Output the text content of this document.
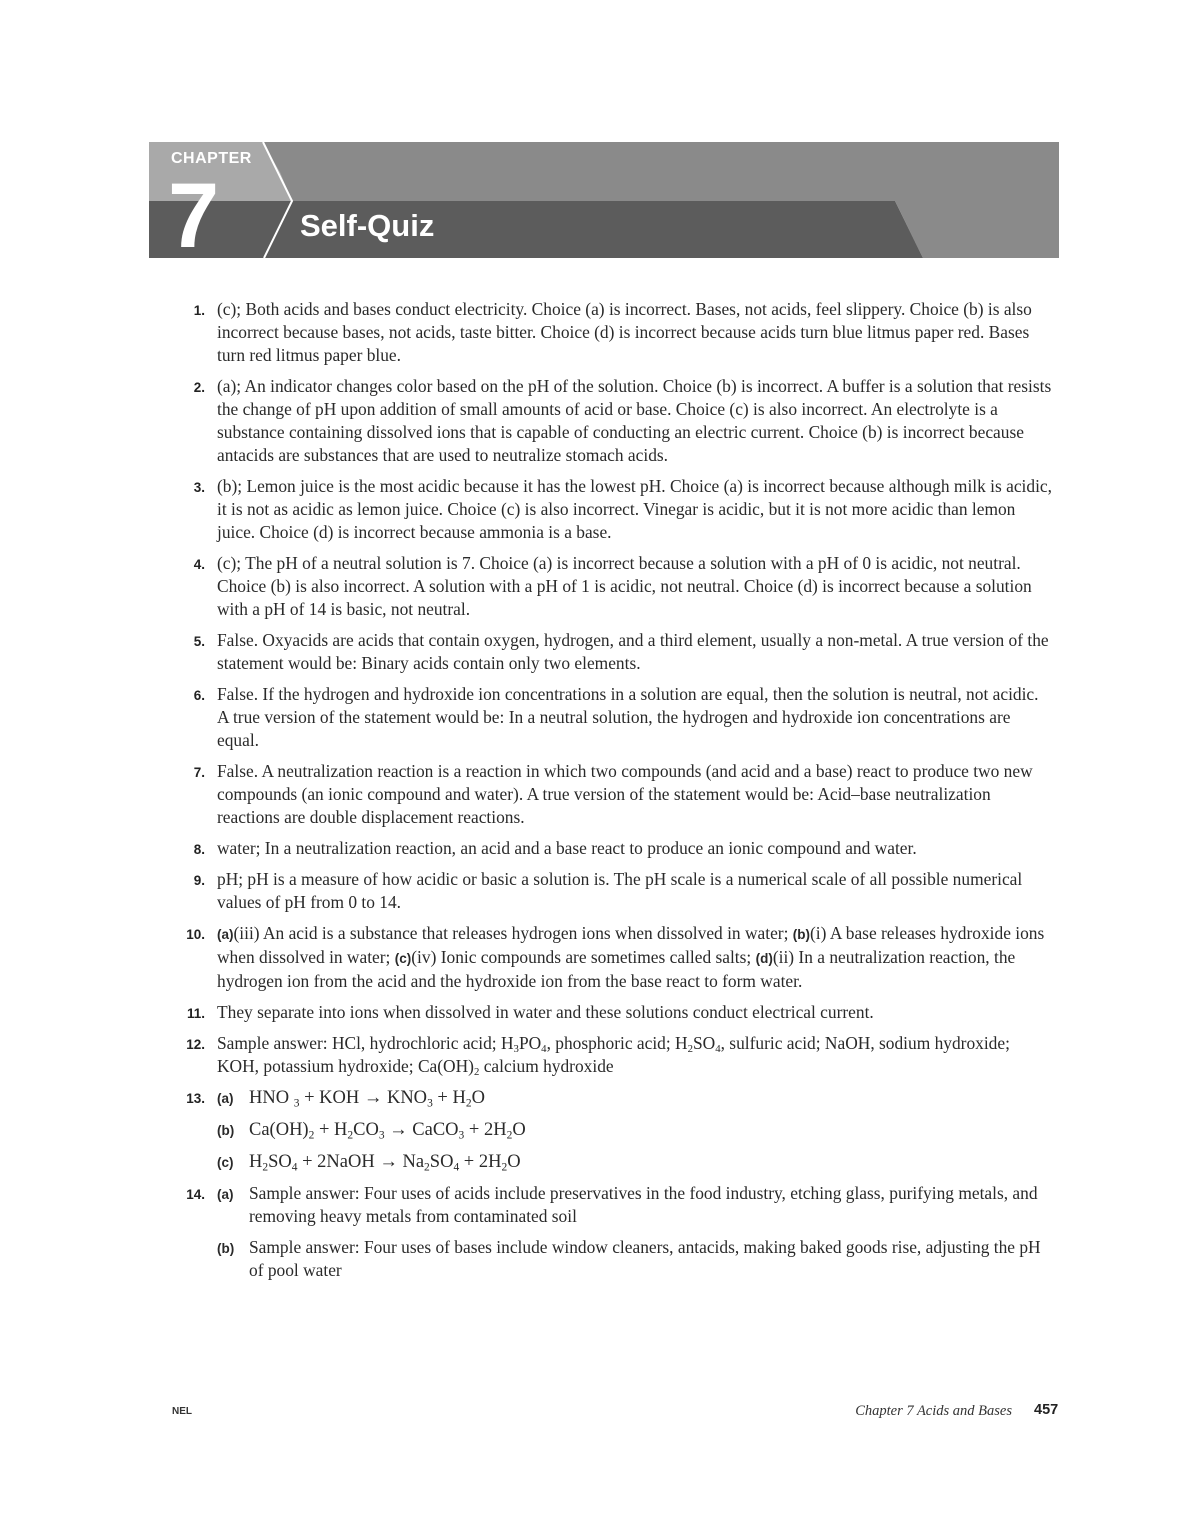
CHAPTER
7	Self-Quiz
1. (c); Both acids and bases conduct electricity. Choice (a) is incorrect. Bases, not acids, feel slippery. Choice (b) is also incorrect because bases, not acids, taste bitter. Choice (d) is incorrect because acids turn blue litmus paper red. Bases turn red litmus paper blue.
2. (a); An indicator changes color based on the pH of the solution. Choice (b) is incorrect. A buffer is a solution that resists the change of pH upon addition of small amounts of acid or base. Choice (c) is also incorrect. An electrolyte is a substance containing dissolved ions that is capable of conducting an electric current. Choice (b) is incorrect because antacids are substances that are used to neutralize stomach acids.
3. (b); Lemon juice is the most acidic because it has the lowest pH. Choice (a) is incorrect because although milk is acidic, it is not as acidic as lemon juice. Choice (c) is also incorrect. Vinegar is acidic, but it is not more acidic than lemon juice. Choice (d) is incorrect because ammonia is a base.
4. (c); The pH of a neutral solution is 7. Choice (a) is incorrect because a solution with a pH of 0 is acidic, not neutral. Choice (b) is also incorrect. A solution with a pH of 1 is acidic, not neutral. Choice (d) is incorrect because a solution with a pH of 14 is basic, not neutral.
5. False. Oxyacids are acids that contain oxygen, hydrogen, and a third element, usually a non-metal. A true version of the statement would be: Binary acids contain only two elements.
6. False. If the hydrogen and hydroxide ion concentrations in a solution are equal, then the solution is neutral, not acidic. A true version of the statement would be: In a neutral solution, the hydrogen and hydroxide ion concentrations are equal.
7. False. A neutralization reaction is a reaction in which two compounds (and acid and a base) react to produce two new compounds (an ionic compound and water). A true version of the statement would be: Acid–base neutralization reactions are double displacement reactions.
8. water; In a neutralization reaction, an acid and a base react to produce an ionic compound and water.
9. pH; pH is a measure of how acidic or basic a solution is. The pH scale is a numerical scale of all possible numerical values of pH from 0 to 14.
10. (a)(iii) An acid is a substance that releases hydrogen ions when dissolved in water; (b)(i) A base releases hydroxide ions when dissolved in water; (c)(iv) Ionic compounds are sometimes called salts; (d)(ii) In a neutralization reaction, the hydrogen ion from the acid and the hydroxide ion from the base react to form water.
11. They separate into ions when dissolved in water and these solutions conduct electrical current.
12. Sample answer: HCl, hydrochloric acid; $H_3PO_4$, phosphoric acid; $H_2SO_4$, sulfuric acid; NaOH, sodium hydroxide; KOH, potassium hydroxide; $Ca(OH)_2$ calcium hydroxide
13. (a) HNO $_3$ + KOH → $KNO_3 + H_2O$
(b) $Ca(OH)_2 + H_2CO_3$ → CaCO$_3$ + $2H_2O$
(c) $H_2SO_4$ + 2NaOH → $Na_2SO_4 + 2H_2O$
14. (a) Sample answer: Four uses of acids include preservatives in the food industry, etching glass, purifying metals, and removing heavy metals from contaminated soil
(b) Sample answer: Four uses of bases include window cleaners, antacids, making baked goods rise, adjusting the pH of pool water
NEL	Chapter 7 Acids and Bases 457
